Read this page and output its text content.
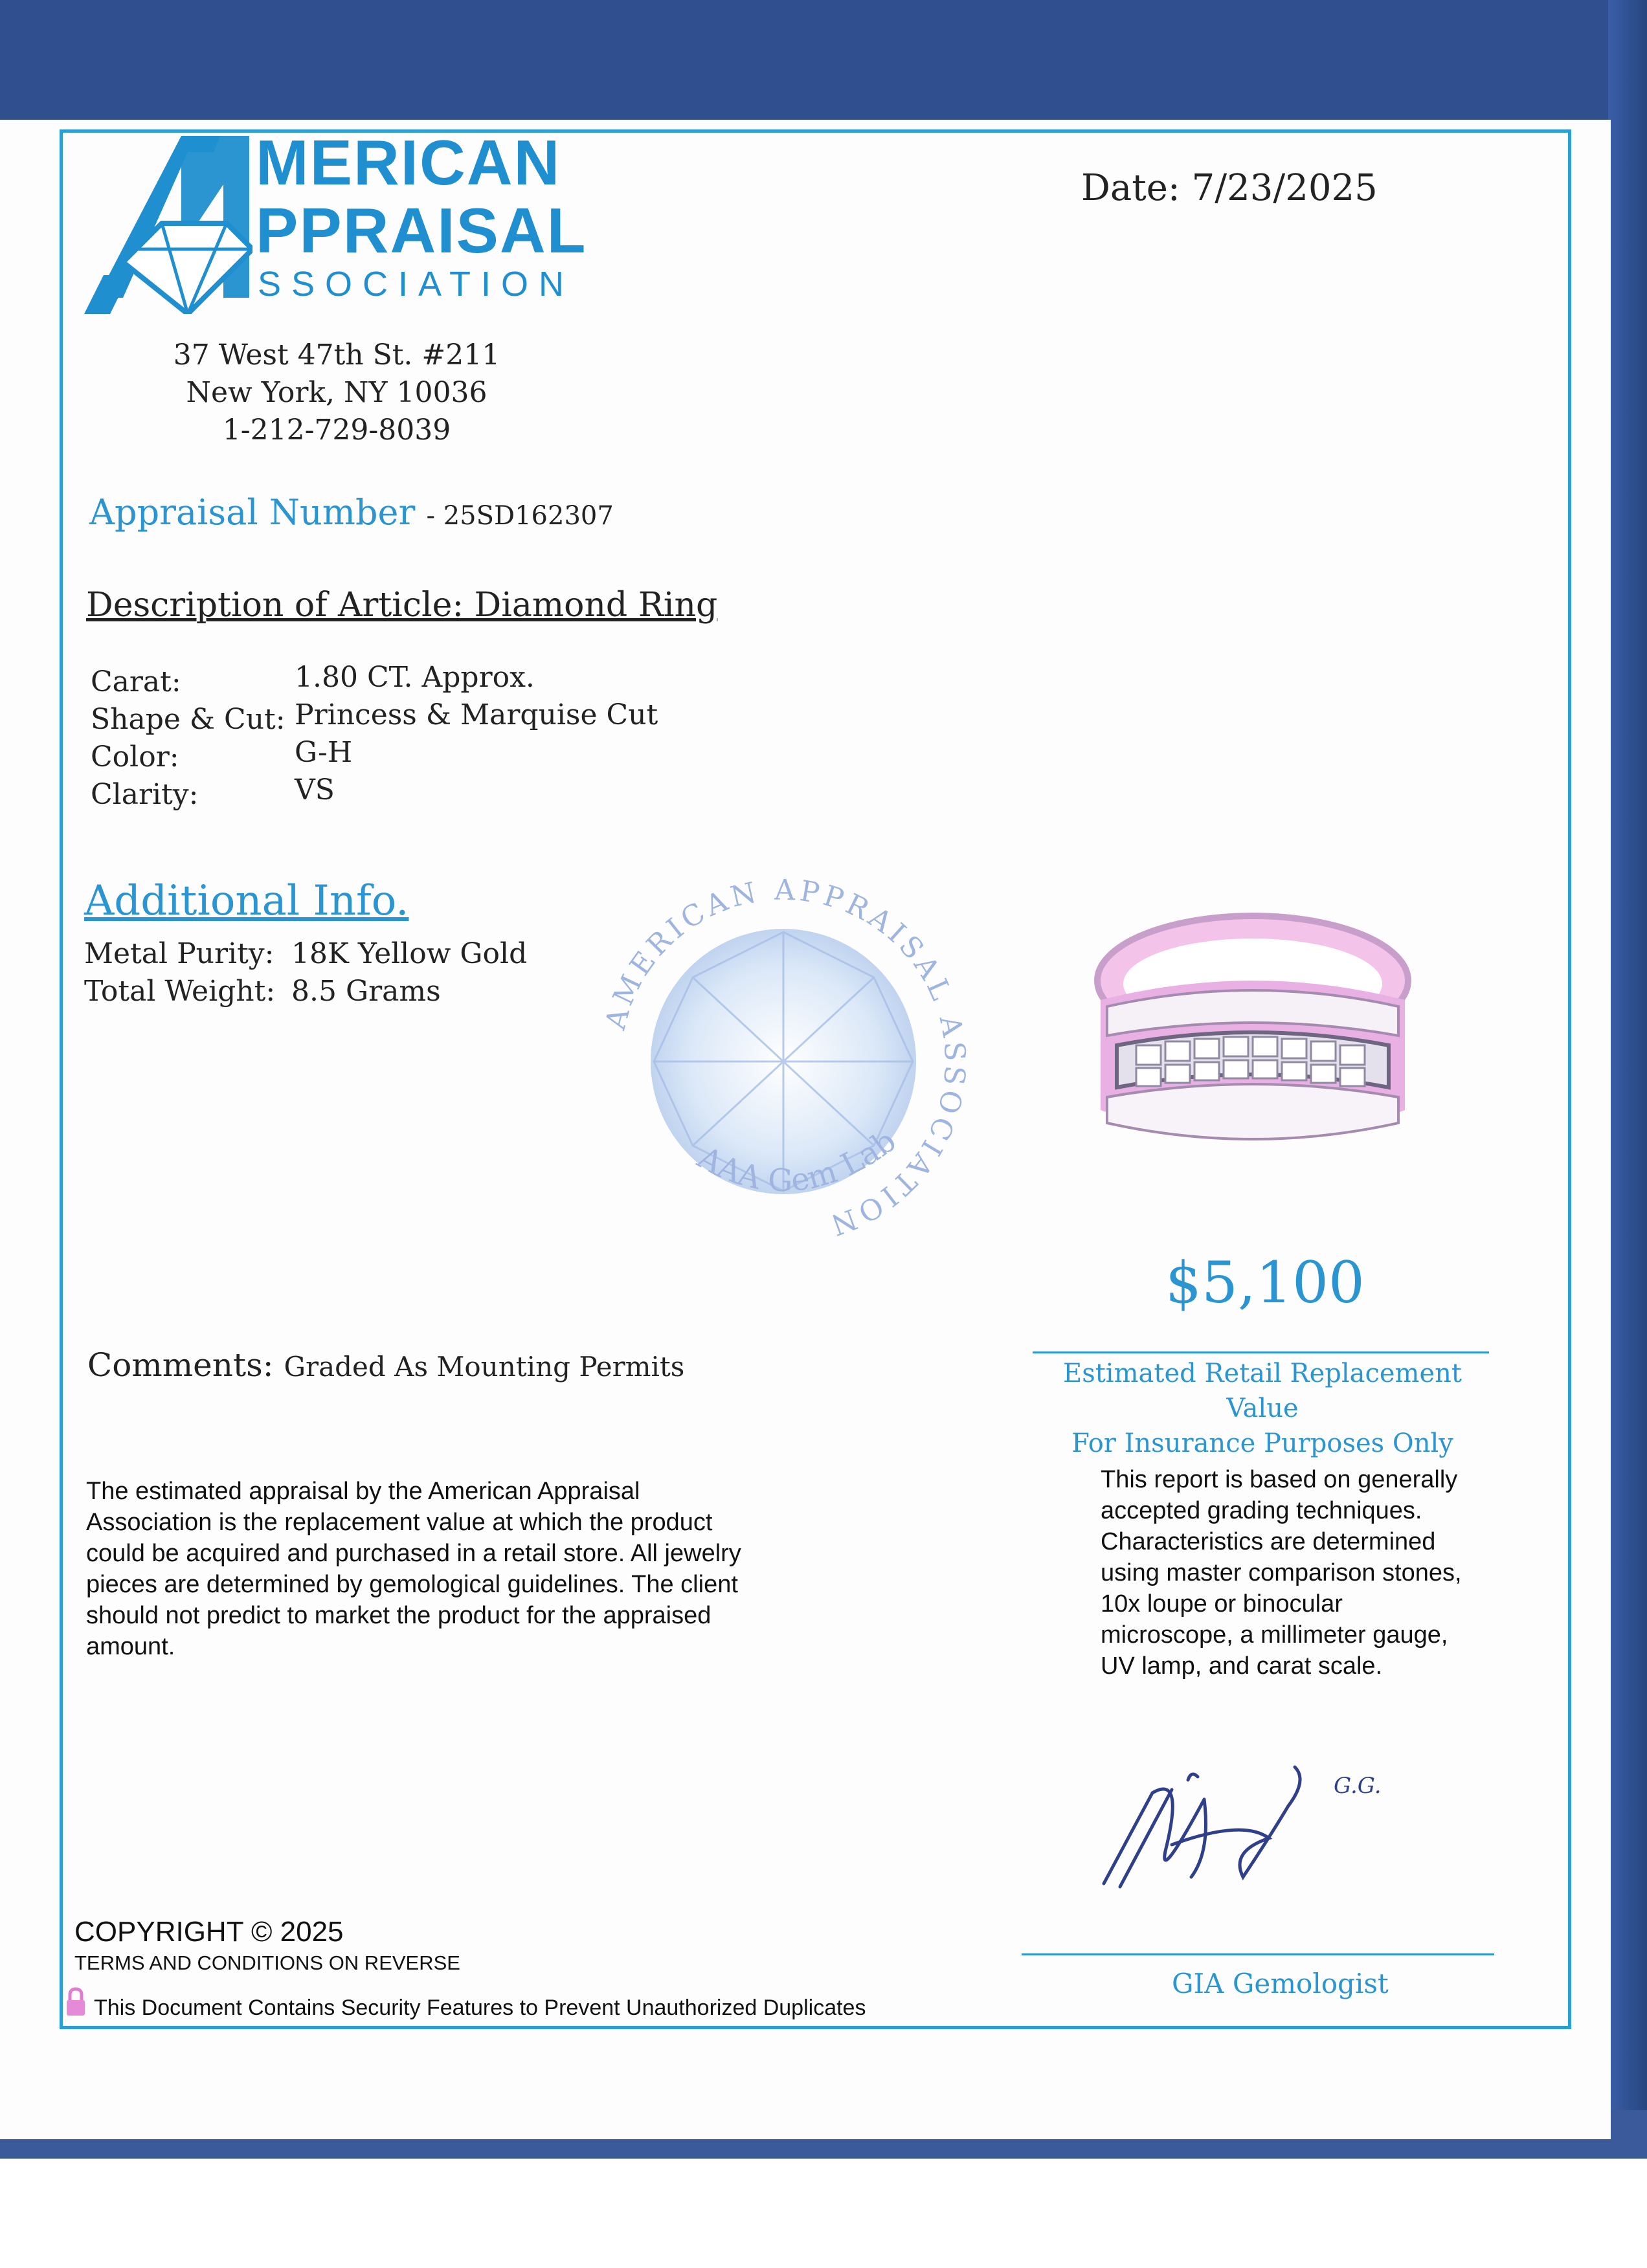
MERICAN
PPRAISAL
SSOCIATION
37 West 47th St. #211
New York, NY 10036
1-212-729-8039
Date: 7/23/2025
Appraisal Number - 25SD162307
Description of Article: Diamond Ring
Carat:
Shape & Cut:
Color:
Clarity:
1.80 CT. Approx.
Princess & Marquise Cut
G-H
VS
Additional Info.
Metal Purity:
Total Weight:
18K Yellow Gold
8.5 Grams
AMERICAN APPRAISAL ASSOCIATION
AAA Gem Lab
$5,100
Estimated Retail Replacement Value
For Insurance Purposes Only
Comments: Graded As Mounting Permits
The estimated appraisal by the American Appraisal Association is the replacement value at which the product could be acquired and purchased in a retail store. All jewelry pieces are determined by gemological guidelines. The client should not predict to market the product for the appraised amount.
This report is based on generally accepted grading techniques. Characteristics are determined using master comparison stones, 10x loupe or binocular microscope, a millimeter gauge, UV lamp, and carat scale.
G.G.
GIA Gemologist
COPYRIGHT © 2025
TERMS AND CONDITIONS ON REVERSE
This Document Contains Security Features to Prevent Unauthorized Duplicates
